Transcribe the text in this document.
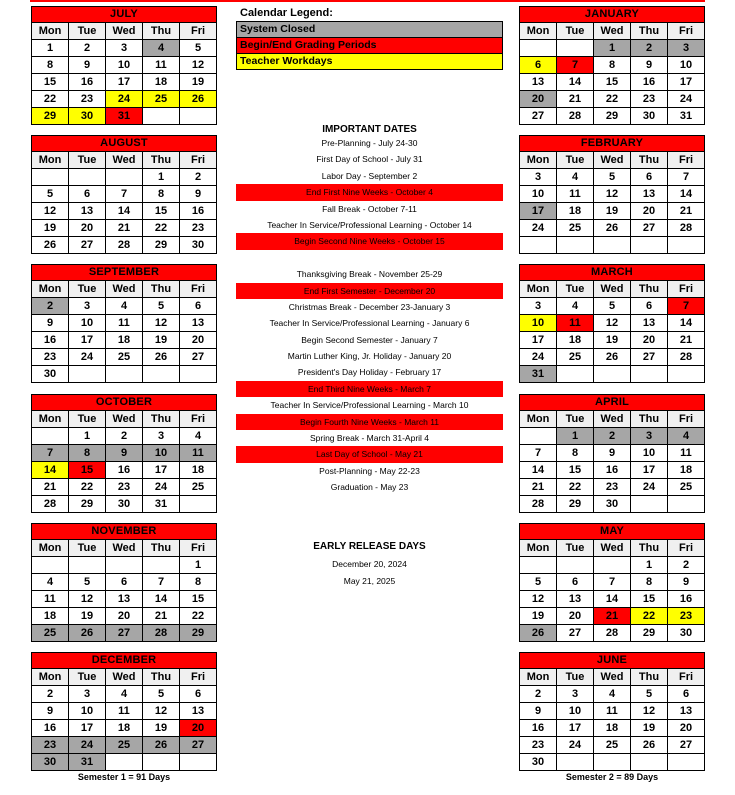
JULY				
Mon	Tue	Wed	Thu	Fri
1	2	3	4	5
8	9	10	11	12
15	16	17	18	19
22	23	24	25	26
29	30	31		
AUGUST				
Mon	Tue	Wed	Thu	Fri
			1	2
5	6	7	8	9
12	13	14	15	16
19	20	21	22	23
26	27	28	29	30
SEPTEMBER				
Mon	Tue	Wed	Thu	Fri
2	3	4	5	6
9	10	11	12	13
16	17	18	19	20
23	24	25	26	27
30				
OCTOBER				
Mon	Tue	Wed	Thu	Fri
	1	2	3	4
7	8	9	10	11
14	15	16	17	18
21	22	23	24	25
28	29	30	31	
NOVEMBER				
Mon	Tue	Wed	Thu	Fri
				1
4	5	6	7	8
11	12	13	14	15
18	19	20	21	22
25	26	27	28	29
DECEMBER				
Mon	Tue	Wed	Thu	Fri
2	3	4	5	6
9	10	11	12	13
16	17	18	19	20
23	24	25	26	27
30	31			
JANUARY				
Mon	Tue	Wed	Thu	Fri
		1	2	3
6	7	8	9	10
13	14	15	16	17
20	21	22	23	24
27	28	29	30	31
FEBRUARY				
Mon	Tue	Wed	Thu	Fri
3	4	5	6	7
10	11	12	13	14
17	18	19	20	21
24	25	26	27	28

MARCH				
Mon	Tue	Wed	Thu	Fri
3	4	5	6	7
10	11	12	13	14
17	18	19	20	21
24	25	26	27	28
31				
APRIL				
Mon	Tue	Wed	Thu	Fri
	1	2	3	4
7	8	9	10	11
14	15	16	17	18
21	22	23	24	25
28	29	30		
MAY				
Mon	Tue	Wed	Thu	Fri
			1	2
5	6	7	8	9
12	13	14	15	16
19	20	21	22	23
26	27	28	29	30
JUNE				
Mon	Tue	Wed	Thu	Fri
2	3	4	5	6
9	10	11	12	13
16	17	18	19	20
23	24	25	26	27
30				
Calendar Legend:
System Closed
Begin/End Grading Periods
Teacher Workdays
IMPORTANT DATES
Pre-Planning - July 24-30
First Day of School - July 31
Labor Day - September 2
End First Nine Weeks - October 4
Fall Break - October 7-11
Teacher In Service/Professional Learning - October 14
Begin Second Nine Weeks - October 15
Thanksgiving Break - November 25-29
End First Semester - December 20
Christmas Break - December 23-January 3
Teacher In Service/Professional Learning - January 6
Begin Second Semester - January 7
Martin Luther King, Jr. Holiday - January 20
President's Day Holiday - February 17
End Third Nine Weeks - March 7
Teacher In Service/Professional Learning - March 10
Begin Fourth Nine Weeks - March 11
Spring Break - March 31-April 4
Last Day of School - May 21
Post-Planning - May 22-23
Graduation - May 23
EARLY RELEASE DAYS
December 20, 2024
May 21, 2025
Semester 1 = 91 Days	Semester 2 = 89 Days
